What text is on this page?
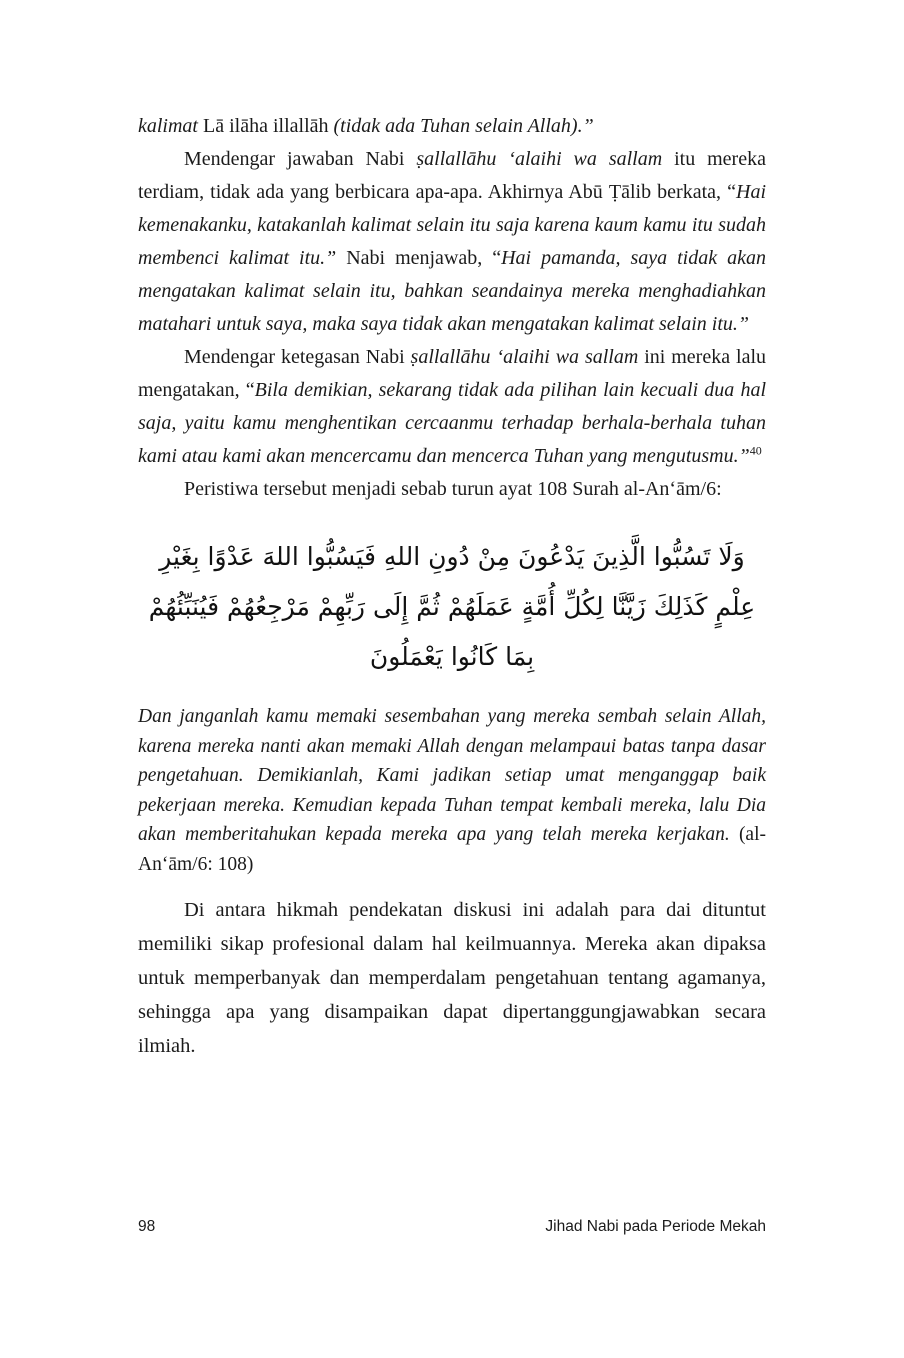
kalimat Lā ilāha illallāh (tidak ada Tuhan selain Allah).”

Mendengar jawaban Nabi ṣallallāhu ‘alaihi wa sallam itu mereka terdiam, tidak ada yang berbicara apa-apa. Akhirnya Abū Ṭālib berkata, “Hai kemenakanku, katakanlah kalimat selain itu saja karena kaum kamu itu sudah membenci kalimat itu.” Nabi menjawab, “Hai pamanda, saya tidak akan mengatakan kalimat selain itu, bahkan seandainya mereka menghadiahkan matahari untuk saya, maka saya tidak akan mengatakan kalimat selain itu.”

Mendengar ketegasan Nabi ṣallallāhu ‘alaihi wa sallam ini mereka lalu mengatakan, “Bila demikian, sekarang tidak ada pilihan lain kecuali dua hal saja, yaitu kamu menghentikan cercaanmu terhadap berhala-berhala tuhan kami atau kami akan mencercamu dan mencerca Tuhan yang mengutusmu.”$^{40}$

Peristiwa tersebut menjadi sebab turun ayat 108 Surah al-An‘ām/6:

وَلَا تَسُبُّوا الَّذِينَ يَدْعُونَ مِنْ دُونِ اللهِ فَيَسُبُّوا اللهَ عَدْوًا بِغَيْرِ عِلْمٍ كَذَلِكَ زَيَّنَّا لِكُلِّ أُمَّةٍ عَمَلَهُمْ ثُمَّ إِلَى رَبِّهِمْ مَرْجِعُهُمْ فَيُنَبِّئُهُمْ بِمَا كَانُوا يَعْمَلُونَ

Dan janganlah kamu memaki sesembahan yang mereka sembah selain Allah, karena mereka nanti akan memaki Allah dengan melampaui batas tanpa dasar pengetahuan. Demikianlah, Kami jadikan setiap umat menganggap baik pekerjaan mereka. Kemudian kepada Tuhan tempat kembali mereka, lalu Dia akan memberitahukan kepada mereka apa yang telah mereka kerjakan. (al-An‘ām/6: 108)

Di antara hikmah pendekatan diskusi ini adalah para dai dituntut memiliki sikap profesional dalam hal keilmuannya. Mereka akan dipaksa untuk memperbanyak dan memperdalam pengetahuan tentang agamanya, sehingga apa yang disampaikan dapat dipertanggungjawabkan secara ilmiah.

98	Jihad Nabi pada Periode Mekah
